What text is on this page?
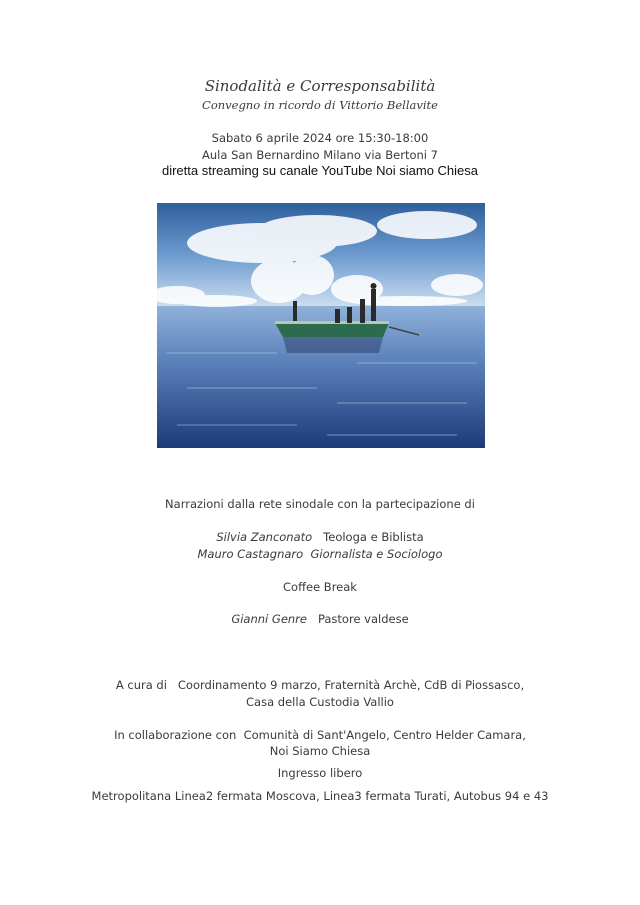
Sinodalità e Corresponsabilità
Convegno in ricordo di Vittorio Bellavite
Sabato 6 aprile 2024 ore 15:30-18:00
Aula San Bernardino Milano via Bertoni 7
diretta streaming su canale YouTube Noi siamo Chiesa
Narrazioni dalla rete sinodale con la partecipazione di
Silvia Zanconato Teologa e Biblista
Mauro Castagnaro Giornalista e Sociologo
Coffee Break
Gianni Genre Pastore valdese
A cura di Coordinamento 9 marzo, Fraternità Archè, CdB di Piossasco,
Casa della Custodia Vallio
In collaborazione con Comunità di Sant'Angelo, Centro Helder Camara,
Noi Siamo Chiesa
Ingresso libero
Metropolitana Linea2 fermata Moscova, Linea3 fermata Turati, Autobus 94 e 43
